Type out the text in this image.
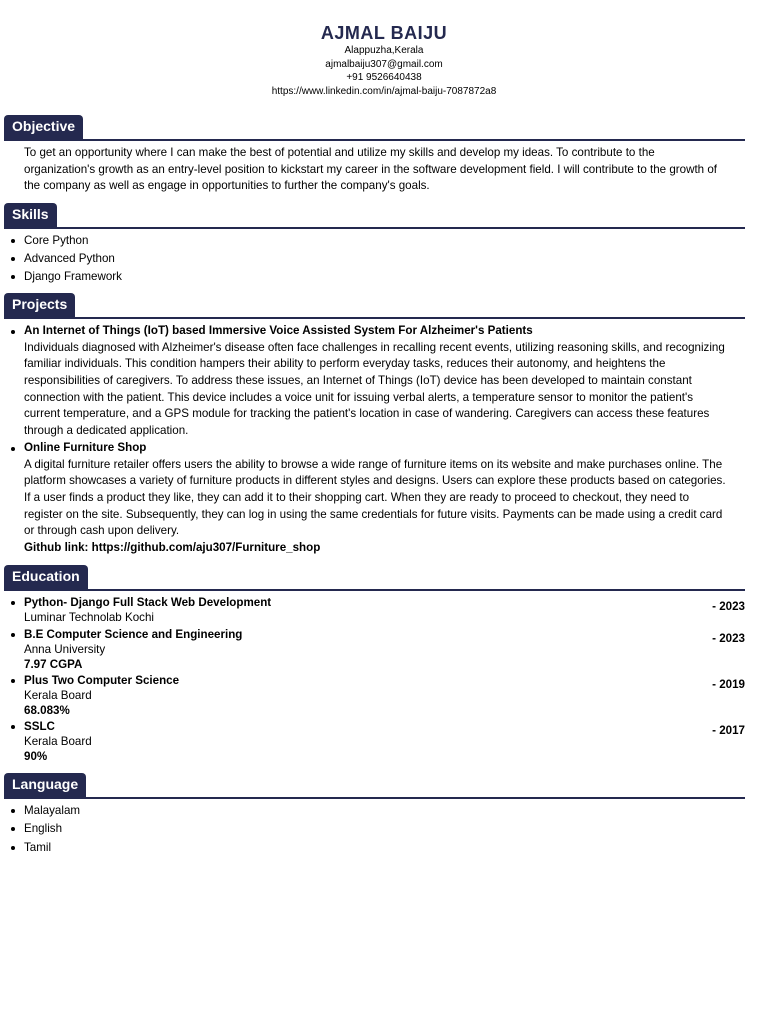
AJMAL BAIJU
Alappuzha,Kerala
ajmalbaiju307@gmail.com
+91 9526640438
https://www.linkedin.com/in/ajmal-baiju-7087872a8
Objective
To get an opportunity where I can make the best of potential and utilize my skills and develop my ideas. To contribute to the organization's growth as an entry-level position to kickstart my career in the software development field. I will contribute to the growth of the company as well as engage in opportunities to further the company's goals.
Skills
Core Python
Advanced Python
Django Framework
Projects
An Internet of Things (IoT) based Immersive Voice Assisted System For Alzheimer's Patients
Individuals diagnosed with Alzheimer's disease often face challenges in recalling recent events, utilizing reasoning skills, and recognizing familiar individuals. This condition hampers their ability to perform everyday tasks, reduces their autonomy, and heightens the responsibilities of caregivers. To address these issues, an Internet of Things (IoT) device has been developed to maintain constant connection with the patient. This device includes a voice unit for issuing verbal alerts, a temperature sensor to monitor the patient's current temperature, and a GPS module for tracking the patient's location in case of wandering. Caregivers can access these features through a dedicated application.
Online Furniture Shop
A digital furniture retailer offers users the ability to browse a wide range of furniture items on its website and make purchases online. The platform showcases a variety of furniture products in different styles and designs. Users can explore these products based on categories. If a user finds a product they like, they can add it to their shopping cart. When they are ready to proceed to checkout, they need to register on the site. Subsequently, they can log in using the same credentials for future visits. Payments can be made using a credit card or through cash upon delivery.
Github link: https://github.com/aju307/Furniture_shop
Education
Python- Django Full Stack Web Development
Luminar Technolab Kochi
- 2023
B.E Computer Science and Engineering
Anna University
7.97 CGPA
- 2023
Plus Two Computer Science
Kerala Board
68.083%
- 2019
SSLC
Kerala Board
90%
- 2017
Language
Malayalam
English
Tamil
